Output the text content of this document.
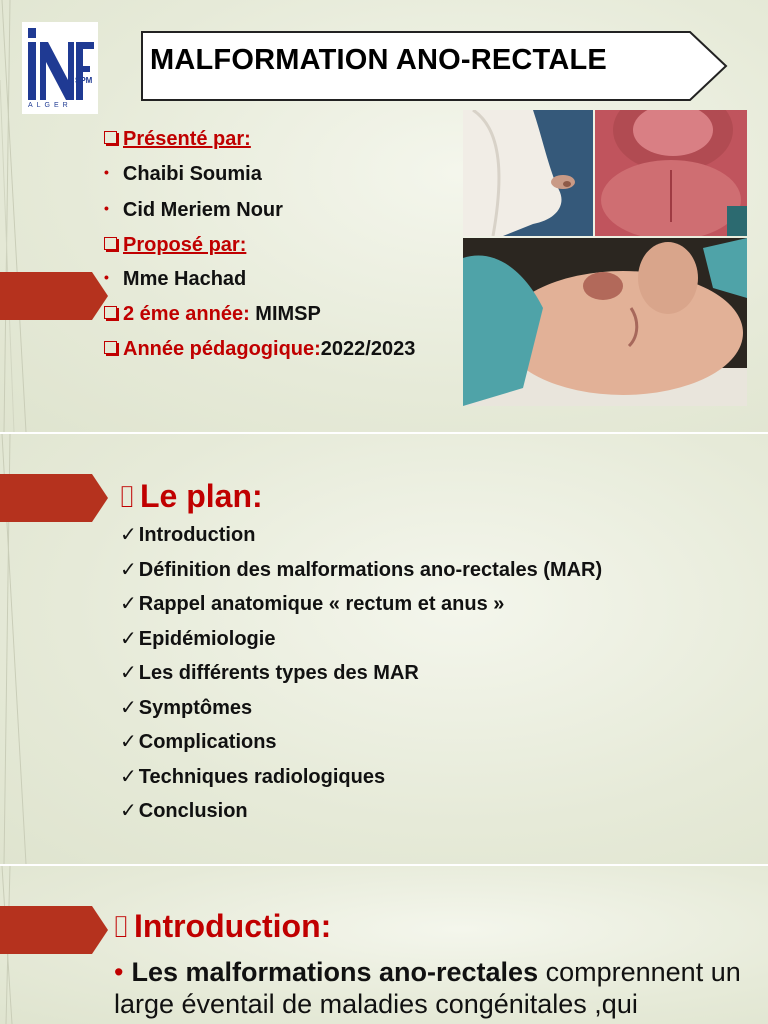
SPM
ALGER
MALFORMATION ANO-RECTALE
Présenté par:
• Chaibi Soumia
• Cid Meriem Nour
Proposé par:
• Mme Hachad
2 éme année: MIMSP
Année pédagogique:2022/2023
⌷ Le plan:
✓ Introduction
✓ Définition des malformations ano-rectales (MAR)
✓ Rappel anatomique « rectum et anus »
✓ Epidémiologie
✓ Les différents types des MAR
✓ Symptômes
✓ Complications
✓ Techniques radiologiques
✓ Conclusion
⌷ Introduction:
• Les malformations ano-rectales comprennent un large éventail de maladies congénitales ,qui
